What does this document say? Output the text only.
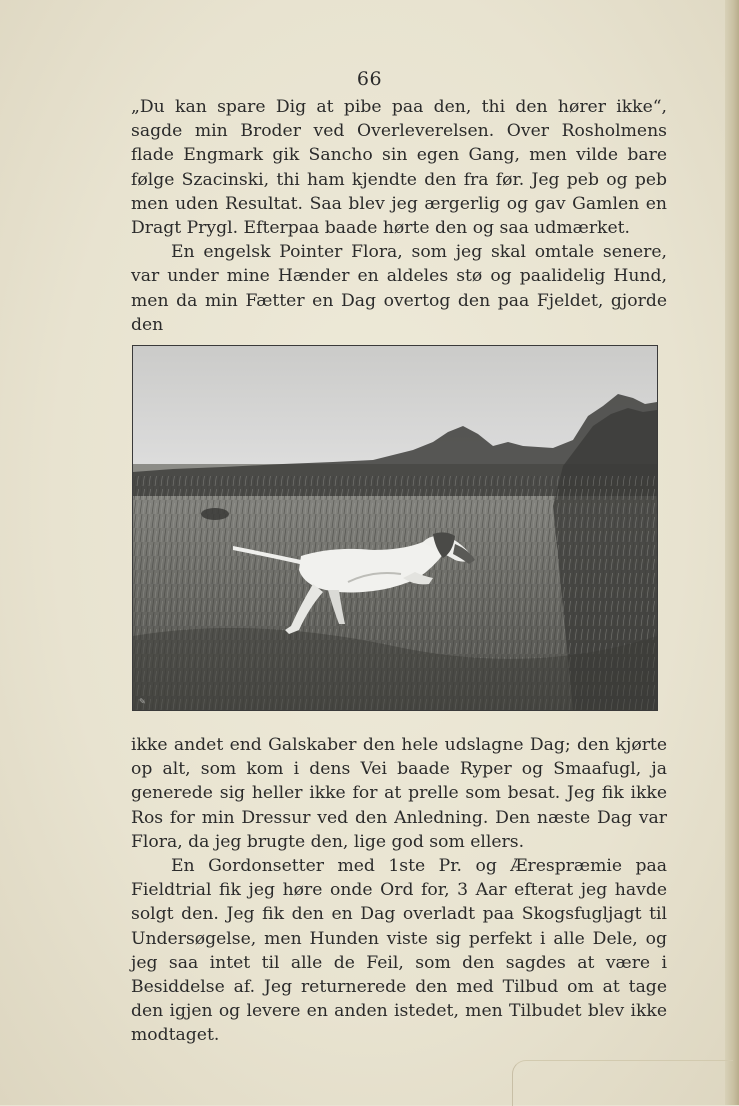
66

„Du kan spare Dig at pibe paa den, thi den hører ikke“, sagde min Broder ved Overleverelsen. Over Rosholmens flade Engmark gik Sancho sin egen Gang, men vilde bare følge Szacinski, thi ham kjendte den fra før. Jeg peb og peb men uden Resultat. Saa blev jeg ærgerlig og gav Gamlen en Dragt Prygl. Efterpaa baade hørte den og saa udmærket.

En engelsk Pointer Flora, som jeg skal omtale senere, var under mine Hænder en aldeles stø og paalidelig Hund, men da min Fætter en Dag overtog den paa Fjeldet, gjorde den

✎

ikke andet end Galskaber den hele udslagne Dag; den kjørte op alt, som kom i dens Vei baade Ryper og Smaafugl, ja generede sig heller ikke for at prelle som besat. Jeg fik ikke Ros for min Dressur ved den Anledning. Den næste Dag var Flora, da jeg brugte den, lige god som ellers.

En Gordonsetter med 1ste Pr. og Ærespræmie paa Fieldtrial fik jeg høre onde Ord for, 3 Aar efterat jeg havde solgt den. Jeg fik den en Dag overladt paa Skogsfugljagt til Undersøgelse, men Hunden viste sig perfekt i alle Dele, og jeg saa intet til alle de Feil, som den sagdes at være i Besiddelse af. Jeg returnerede den med Tilbud om at tage den igjen og levere en anden istedet, men Tilbudet blev ikke modtaget.
